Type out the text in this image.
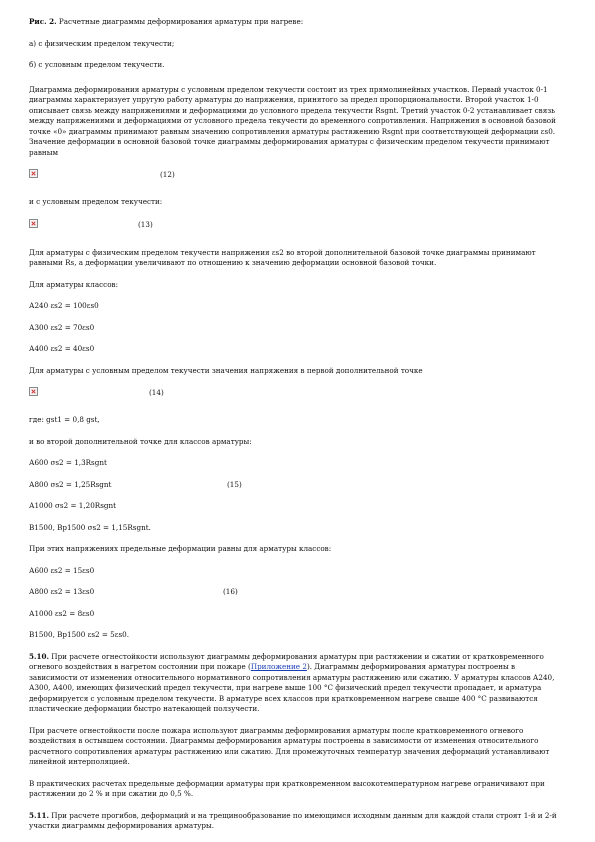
Рис. 2. Расчетные диаграммы деформирования арматуры при нагреве:

а) с физическим пределом текучести;

б) с условным пределом текучести.

Диаграмма деформирования арматуры с условным пределом текучести состоит из трех прямолинейных участков. Первый участок 0-1 диаграммы характеризует упругую работу арматуры до напряжения, принятого за предел пропорциональности. Второй участок 1-0 описывает связь между напряжениями и деформациями до условного предела текучести Rsgnt. Третий участок 0-2 устанавливает связь между напряжениями и деформациями от условного предела текучести до временного сопротивления. Напряжения в основной базовой точке «0» диаграммы принимают равным значению сопротивления арматуры растяжению Rsgnt при соответствующей деформации εs0. Значение деформации в основной базовой точке диаграммы деформирования арматуры с физическим пределом текучести принимают равным

(12)

и с условным пределом текучести:

(13)

Для арматуры с физическим пределом текучести напряжения εs2 во второй дополнительной базовой точке диаграммы принимают равными Rs, а деформации увеличивают по отношению к значению деформации основной базовой точки.

Для арматуры классов:

А240 εs2 = 100εs0

А300 εs2 = 70εs0

А400 εs2 = 40εs0

Для арматуры с условным пределом текучести значения напряжения в первой дополнительной точке

(14)

где: gst1 = 0,8 gst,

и во второй дополнительной точке для классов арматуры:

А600 σs2 = 1,3Rsgnt

А800 σs2 = 1,25Rsgnt	(15)

А1000 σs2 = 1,20Rsgnt

В1500, Вр1500 σs2 = 1,15Rsgnt.

При этих напряжениях предельные деформации равны для арматуры классов:

А600 εs2 = 15εs0

А800 εs2 = 13εs0	(16)

А1000 εs2 = 8εs0

В1500, Вр1500 εs2 = 5εs0.

5.10. При расчете огнестойкости используют диаграммы деформирования арматуры при растяжении и сжатии от кратковременного огневого воздействия в нагретом состоянии при пожаре (Приложение 2). Диаграммы деформирования арматуры построены в зависимости от изменения относительного нормативного сопротивления арматуры растяжению или сжатию. У арматуры классов А240, А300, А400, имеющих физический предел текучести, при нагреве выше 100 °С физический предел текучести пропадает, и арматура деформируется с условным пределом текучести. В арматуре всех классов при кратковременном нагреве свыше 400 °С развиваются пластические деформации быстро натекающей ползучести.

При расчете огнестойкости после пожара используют диаграммы деформирования арматуры после кратковременного огневого воздействия в остывшем состоянии. Диаграммы деформирования арматуры построены в зависимости от изменения относительного расчетного сопротивления арматуры растяжению или сжатию. Для промежуточных температур значения деформаций устанавливают линейной интерполяцией.

В практических расчетах предельные деформации арматуры при кратковременном высокотемпературном нагреве ограничивают при растяжении до 2 % и при сжатии до 0,5 %.

5.11. При расчете прогибов, деформаций и на трещинообразование по имеющимся исходным данным для каждой стали строят 1-й и 2-й участки диаграммы деформирования арматуры.
